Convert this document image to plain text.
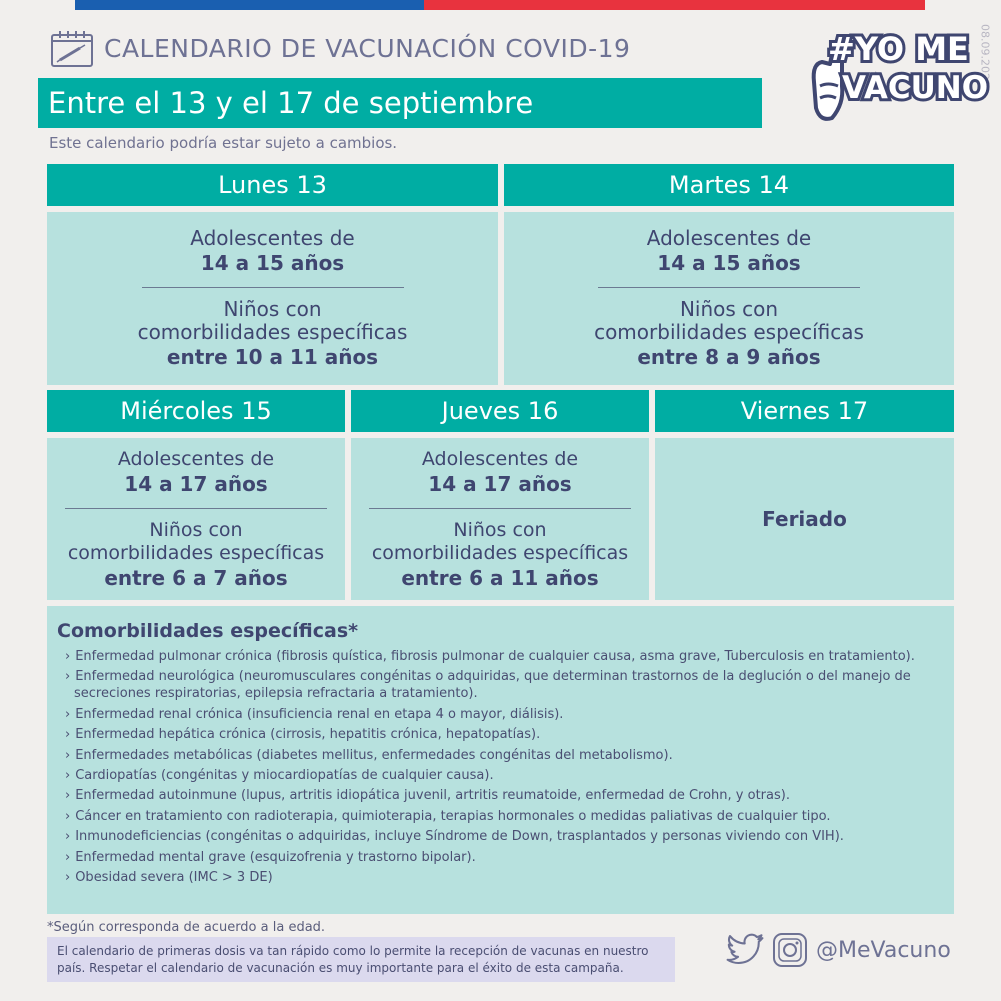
CALENDARIO DE VACUNACIÓN COVID-19	08.09.2021
#YO ME
VACUNO
Entre el 13 y el 17 de septiembre
Este calendario podría estar sujeto a cambios.
Lunes 13
Adolescentes de
14 a 15 años
Niños con
comorbilidades específicas
entre 10 a 11 años
Martes 14
Adolescentes de
14 a 15 años
Niños con
comorbilidades específicas
entre 8 a 9 años
Miércoles 15
Adolescentes de
14 a 17 años
Niños con
comorbilidades específicas
entre 6 a 7 años
Jueves 16
Adolescentes de
14 a 17 años
Niños con
comorbilidades específicas
entre 6 a 11 años
Viernes 17
Feriado
Comorbilidades específicas*
› Enfermedad pulmonar crónica (fibrosis quística, fibrosis pulmonar de cualquier causa, asma grave, Tuberculosis en tratamiento).
› Enfermedad neurológica (neuromusculares congénitas o adquiridas, que determinan trastornos de la deglución o del manejo de secreciones respiratorias, epilepsia refractaria a tratamiento).
› Enfermedad renal crónica (insuficiencia renal en etapa 4 o mayor, diálisis).
› Enfermedad hepática crónica (cirrosis, hepatitis crónica, hepatopatías).
› Enfermedades metabólicas (diabetes mellitus, enfermedades congénitas del metabolismo).
› Cardiopatías (congénitas y miocardiopatías de cualquier causa).
› Enfermedad autoinmune (lupus, artritis idiopática juvenil, artritis reumatoide, enfermedad de Crohn, y otras).
› Cáncer en tratamiento con radioterapia, quimioterapia, terapias hormonales o medidas paliativas de cualquier tipo.
› Inmunodeficiencias (congénitas o adquiridas, incluye Síndrome de Down, trasplantados y personas viviendo con VIH).
› Enfermedad mental grave (esquizofrenia y trastorno bipolar).
› Obesidad severa (IMC > 3 DE)
*Según corresponda de acuerdo a la edad.
El calendario de primeras dosis va tan rápido como lo permite la recepción de vacunas en nuestro país. Respetar el calendario de vacunación es muy importante para el éxito de esta campaña.
@MeVacuno
